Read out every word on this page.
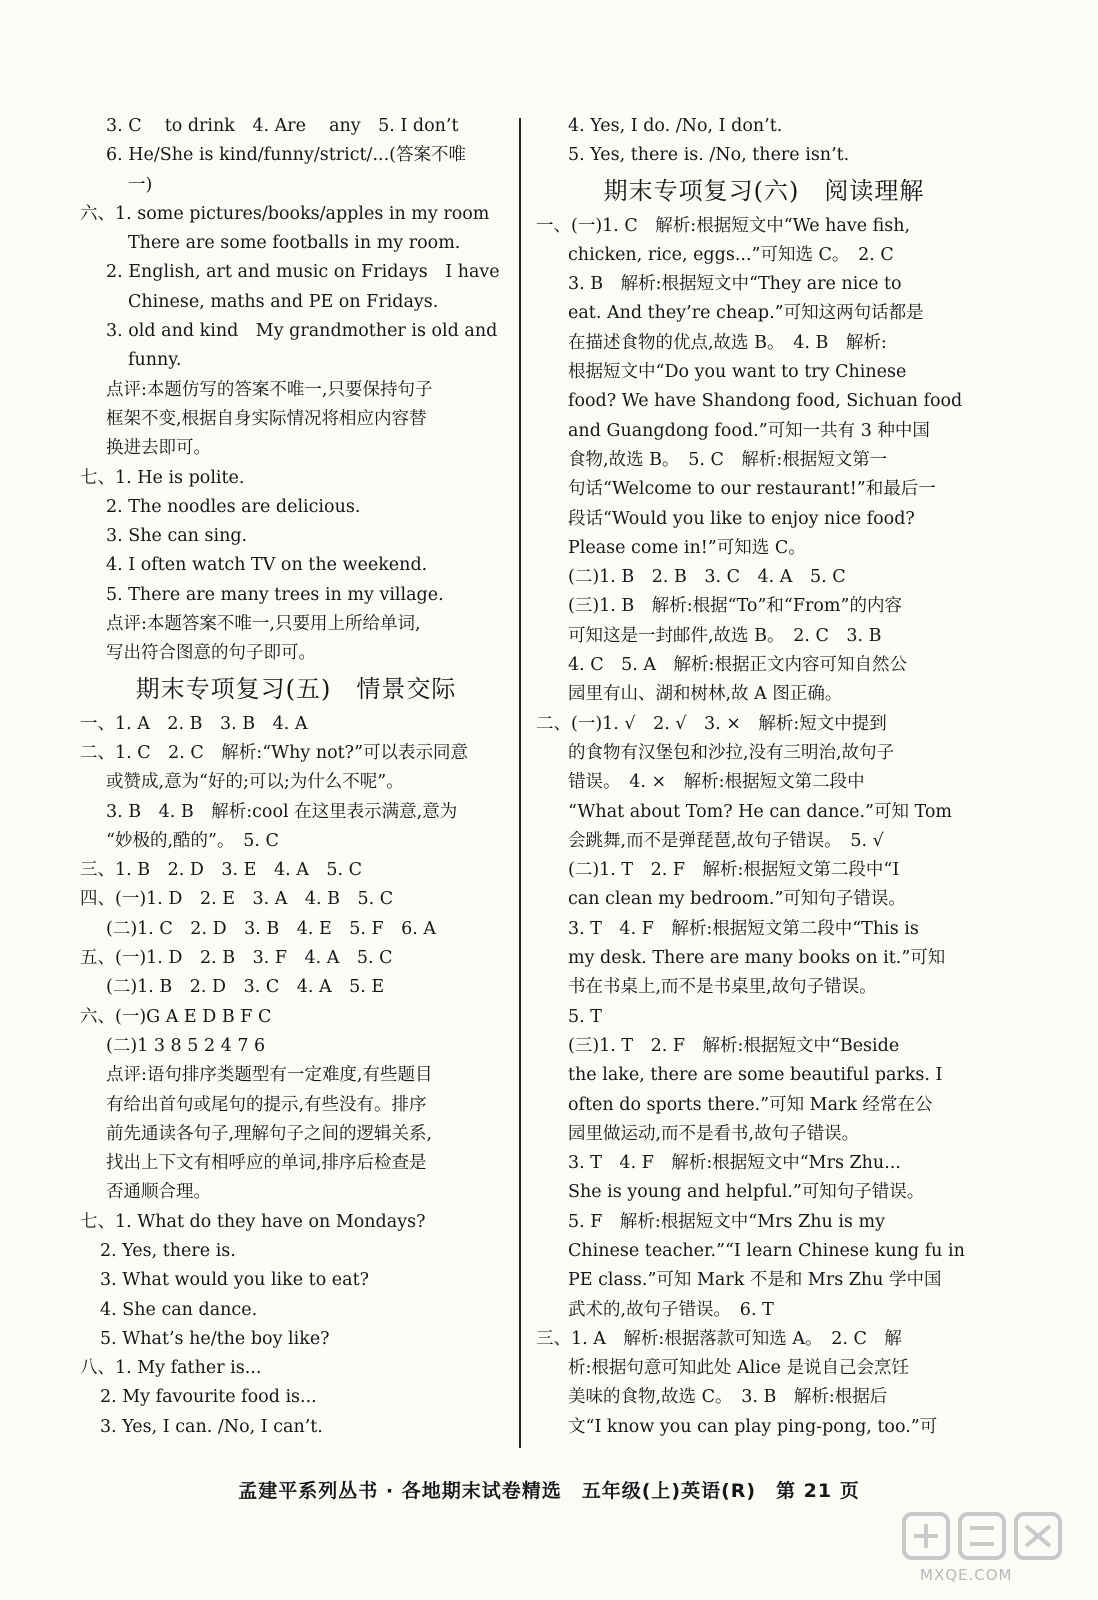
3. C　 to drink　4. Are　 any　5. I don’t
6. He/She is kind/funny/strict/...(答案不唯
一)
六、1. some pictures/books/apples in my room
There are some footballs in my room.
2. English, art and music on Fridays　I have
Chinese, maths and PE on Fridays.
3. old and kind　My grandmother is old and
funny.
点评:本题仿写的答案不唯一,只要保持句子
框架不变,根据自身实际情况将相应内容替
换进去即可。
七、1. He is polite.
2. The noodles are delicious.
3. She can sing.
4. I often watch TV on the weekend.
5. There are many trees in my village.
点评:本题答案不唯一,只要用上所给单词,
写出符合图意的句子即可。
期末专项复习(五)　情景交际
一、1. A　2. B　3. B　4. A
二、1. C　2. C　解析:“Why not?”可以表示同意
或赞成,意为“好的;可以;为什么不呢”。
3. B　4. B　解析:cool 在这里表示满意,意为
“妙极的,酷的”。　5. C
三、1. B　2. D　3. E　4. A　5. C
四、(一)1. D　2. E　3. A　4. B　5. C
(二)1. C　2. D　3. B　4. E　5. F　6. A
五、(一)1. D　2. B　3. F　4. A　5. C
(二)1. B　2. D　3. C　4. A　5. E
六、(一)G A E D B F C
(二)1 3 8 5 2 4 7 6
点评:语句排序类题型有一定难度,有些题目
有给出首句或尾句的提示,有些没有。排序
前先通读各句子,理解句子之间的逻辑关系,
找出上下文有相呼应的单词,排序后检查是
否通顺合理。
七、1. What do they have on Mondays?
2. Yes, there is.
3. What would you like to eat?
4. She can dance.
5. What’s he/the boy like?
八、1. My father is...
2. My favourite food is...
3. Yes, I can. /No, I can’t.
4. Yes, I do. /No, I don’t.
5. Yes, there is. /No, there isn’t.
期末专项复习(六)　阅读理解
一、(一)1. C　解析:根据短文中“We have fish,
chicken, rice, eggs...”可知选 C。　2. C
3. B　解析:根据短文中“They are nice to
eat. And they’re cheap.”可知这两句话都是
在描述食物的优点,故选 B。　4. B　解析:
根据短文中“Do you want to try Chinese
food? We have Shandong food, Sichuan food
and Guangdong food.”可知一共有 3 种中国
食物,故选 B。　5. C　解析:根据短文第一
句话“Welcome to our restaurant!”和最后一
段话“Would you like to enjoy nice food?
Please come in!”可知选 C。
(二)1. B　2. B　3. C　4. A　5. C
(三)1. B　解析:根据“To”和“From”的内容
可知这是一封邮件,故选 B。　2. C　3. B
4. C　5. A　解析:根据正文内容可知自然公
园里有山、湖和树林,故 A 图正确。
二、(一)1. √　2. √　3. ×　解析:短文中提到
的食物有汉堡包和沙拉,没有三明治,故句子
错误。　4. ×　解析:根据短文第二段中
“What about Tom? He can dance.”可知 Tom
会跳舞,而不是弹琵琶,故句子错误。　5. √
(二)1. T　2. F　解析:根据短文第二段中“I
can clean my bedroom.”可知句子错误。
3. T　4. F　解析:根据短文第二段中“This is
my desk. There are many books on it.”可知
书在书桌上,而不是书桌里,故句子错误。
5. T
(三)1. T　2. F　解析:根据短文中“Beside
the lake, there are some beautiful parks. I
often do sports there.”可知 Mark 经常在公
园里做运动,而不是看书,故句子错误。
3. T　4. F　解析:根据短文中“Mrs Zhu...
She is young and helpful.”可知句子错误。
5. F　解析:根据短文中“Mrs Zhu is my
Chinese teacher.”“I learn Chinese kung fu in
PE class.”可知 Mark 不是和 Mrs Zhu 学中国
武术的,故句子错误。　6. T
三、1. A　解析:根据落款可知选 A。　2. C　解
析:根据句意可知此处 Alice 是说自己会烹饪
美味的食物,故选 C。　3. B　解析:根据后
文“I know you can play ping-pong, too.”可
孟建平系列丛书 · 各地期末试卷精选　五年级(上)英语(R)　第 21 页
MXQE.COM
